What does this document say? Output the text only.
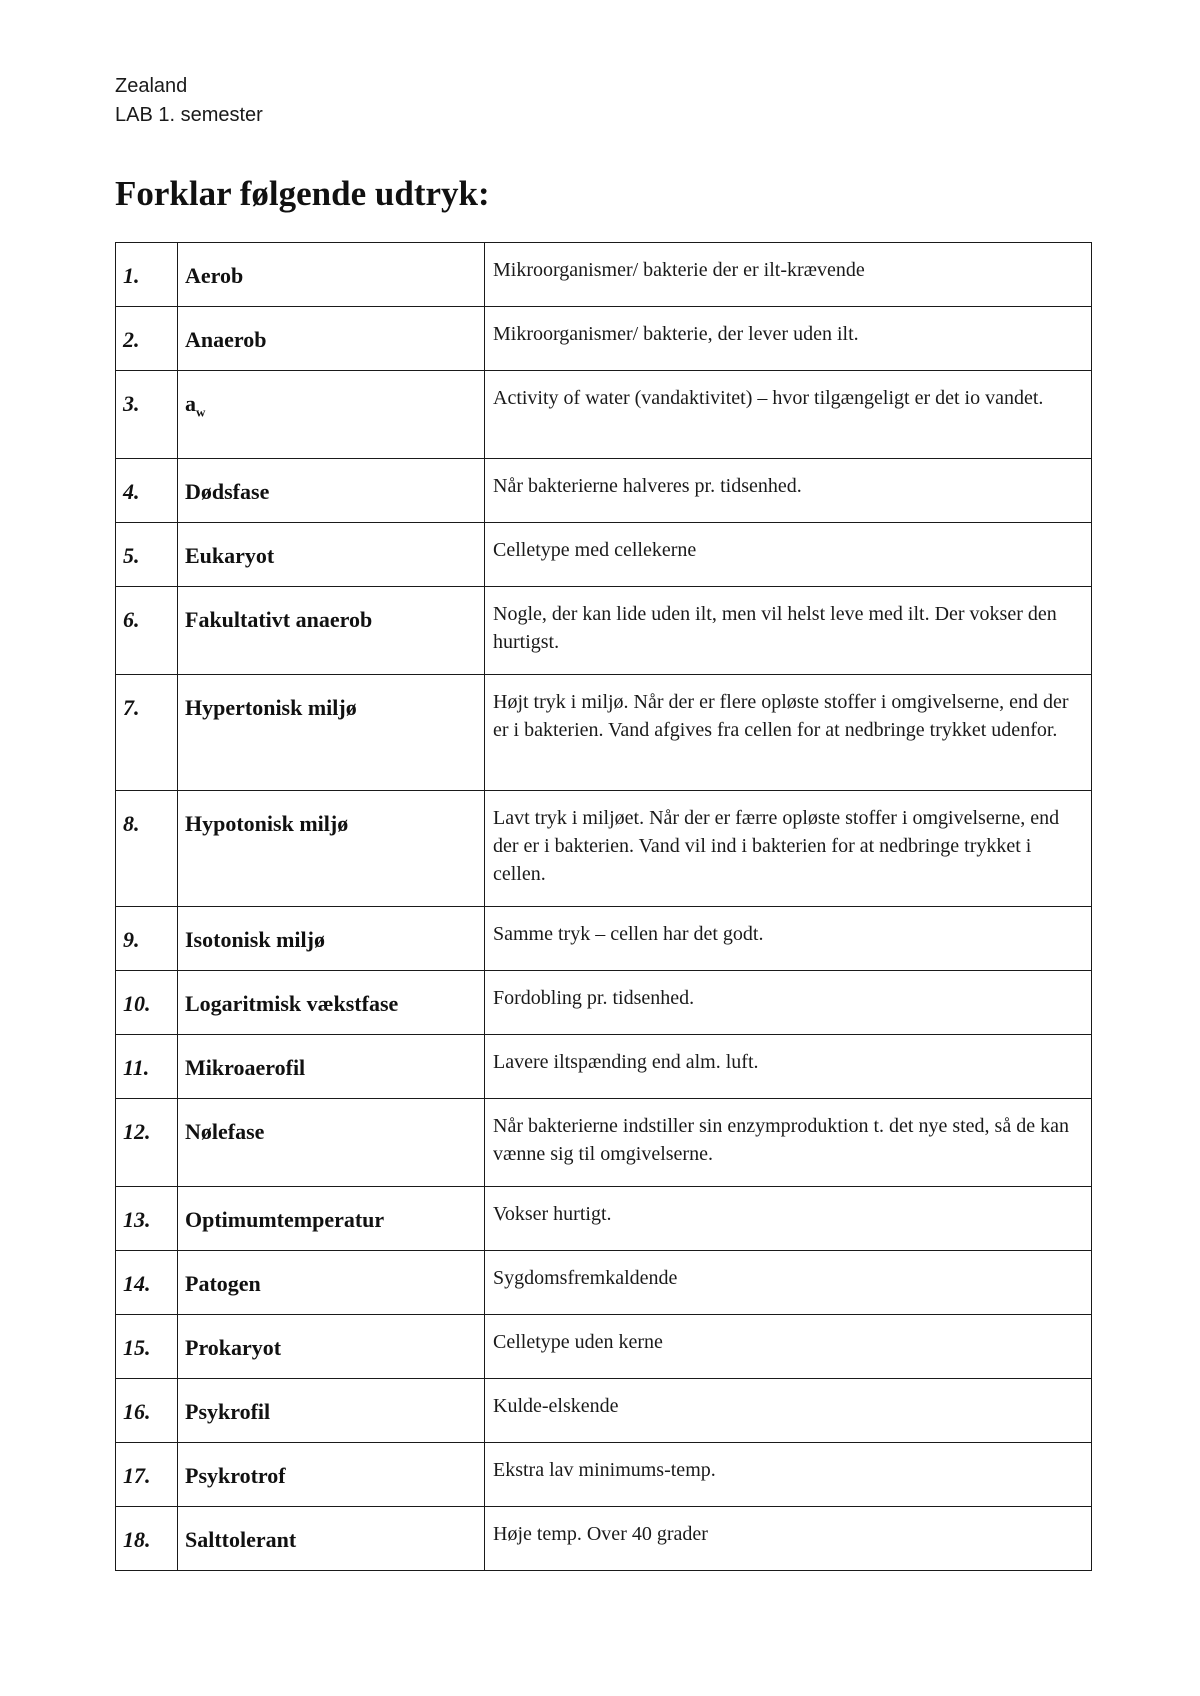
Zealand
LAB 1. semester
Forklar følgende udtryk:
1.	Aerob	Mikroorganismer/ bakterie der er ilt-krævende
2.	Anaerob	Mikroorganismer/ bakterie, der lever uden ilt.
3.	$a_w$	Activity of water (vandaktivitet) – hvor tilgængeligt er det io vandet.
4.	Dødsfase	Når bakterierne halveres pr. tidsenhed.
5.	Eukaryot	Celletype med cellekerne
6.	Fakultativt anaerob	Nogle, der kan lide uden ilt, men vil helst leve med ilt. Der vokser den hurtigst.
7.	Hypertonisk miljø	Højt tryk i miljø. Når der er flere opløste stoffer i omgivelserne, end der er i bakterien. Vand afgives fra cellen for at nedbringe trykket udenfor.
8.	Hypotonisk miljø	Lavt tryk i miljøet. Når der er færre opløste stoffer i omgivelserne, end der er i bakterien. Vand vil ind i bakterien for at nedbringe trykket i cellen.
9.	Isotonisk miljø	Samme tryk – cellen har det godt.
10.	Logaritmisk vækstfase	Fordobling pr. tidsenhed.
11.	Mikroaerofil	Lavere iltspænding end alm. luft.
12.	Nølefase	Når bakterierne indstiller sin enzymproduktion t. det nye sted, så de kan vænne sig til omgivelserne.
13.	Optimumtemperatur	Vokser hurtigt.
14.	Patogen	Sygdomsfremkaldende
15.	Prokaryot	Celletype uden kerne
16.	Psykrofil	Kulde-elskende
17.	Psykrotrof	Ekstra lav minimums-temp.
18.	Salttolerant	Høje temp. Over 40 grader
